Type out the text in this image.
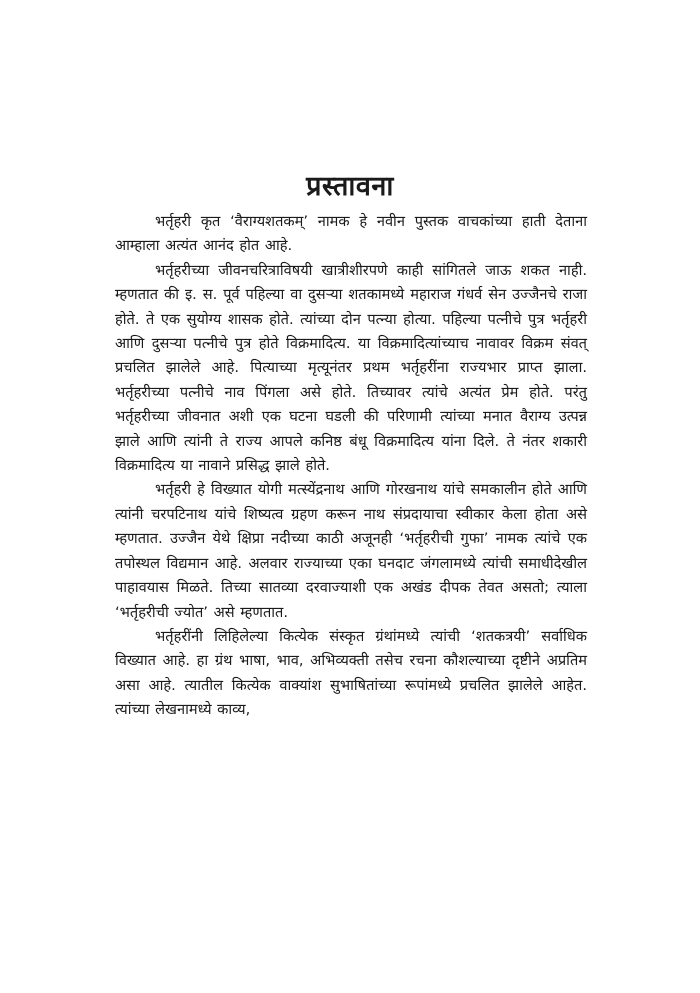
प्रस्तावना

भर्तृहरी कृत ‘वैराग्यशतकम्’ नामक हे नवीन पुस्तक वाचकांच्या हाती देताना आम्हाला अत्यंत आनंद होत आहे.

भर्तृहरीच्या जीवनचरित्राविषयी खात्रीशीरपणे काही सांगितले जाऊ शकत नाही. म्हणतात की इ. स. पूर्व पहिल्या वा दुसऱ्या शतकामध्ये महाराज गंधर्व सेन उज्जैनचे राजा होते. ते एक सुयोग्य शासक होते. त्यांच्या दोन पत्न्या होत्या. पहिल्या पत्नीचे पुत्र भर्तृहरी आणि दुसऱ्या पत्नीचे पुत्र होते विक्रमादित्य. या विक्रमादित्यांच्याच नावावर विक्रम संवत् प्रचलित झालेले आहे. पित्याच्या मृत्यूनंतर प्रथम भर्तृहरींना राज्यभार प्राप्त झाला. भर्तृहरीच्या पत्नीचे नाव पिंगला असे होते. तिच्यावर त्यांचे अत्यंत प्रेम होते. परंतु भर्तृहरीच्या जीवनात अशी एक घटना घडली की परिणामी त्यांच्या मनात वैराग्य उत्पन्न झाले आणि त्यांनी ते राज्य आपले कनिष्ठ बंधू विक्रमादित्य यांना दिले. ते नंतर शकारी विक्रमादित्य या नावाने प्रसिद्ध झाले होते.

भर्तृहरी हे विख्यात योगी मत्स्येंद्रनाथ आणि गोरखनाथ यांचे समकालीन होते आणि त्यांनी चरपटिनाथ यांचे शिष्यत्व ग्रहण करून नाथ संप्रदायाचा स्वीकार केला होता असे म्हणतात. उज्जैन येथे क्षिप्रा नदीच्या काठी अजूनही ‘भर्तृहरीची गुफा’ नामक त्यांचे एक तपोस्थल विद्यमान आहे. अलवार राज्याच्या एका घनदाट जंगलामध्ये त्यांची समाधीदेखील पाहावयास मिळते. तिच्या सातव्या दरवाज्याशी एक अखंड दीपक तेवत असतो; त्याला ‘भर्तृहरीची ज्योत’ असे म्हणतात.

भर्तृहरींनी लिहिलेल्या कित्येक संस्कृत ग्रंथांमध्ये त्यांची ‘शतकत्रयी’ सर्वाधिक विख्यात आहे. हा ग्रंथ भाषा, भाव, अभिव्यक्ती तसेच रचना कौशल्याच्या दृष्टीने अप्रतिम असा आहे. त्यातील कित्येक वाक्यांश सुभाषितांच्या रूपांमध्ये प्रचलित झालेले आहेत. त्यांच्या लेखनामध्ये काव्य,
